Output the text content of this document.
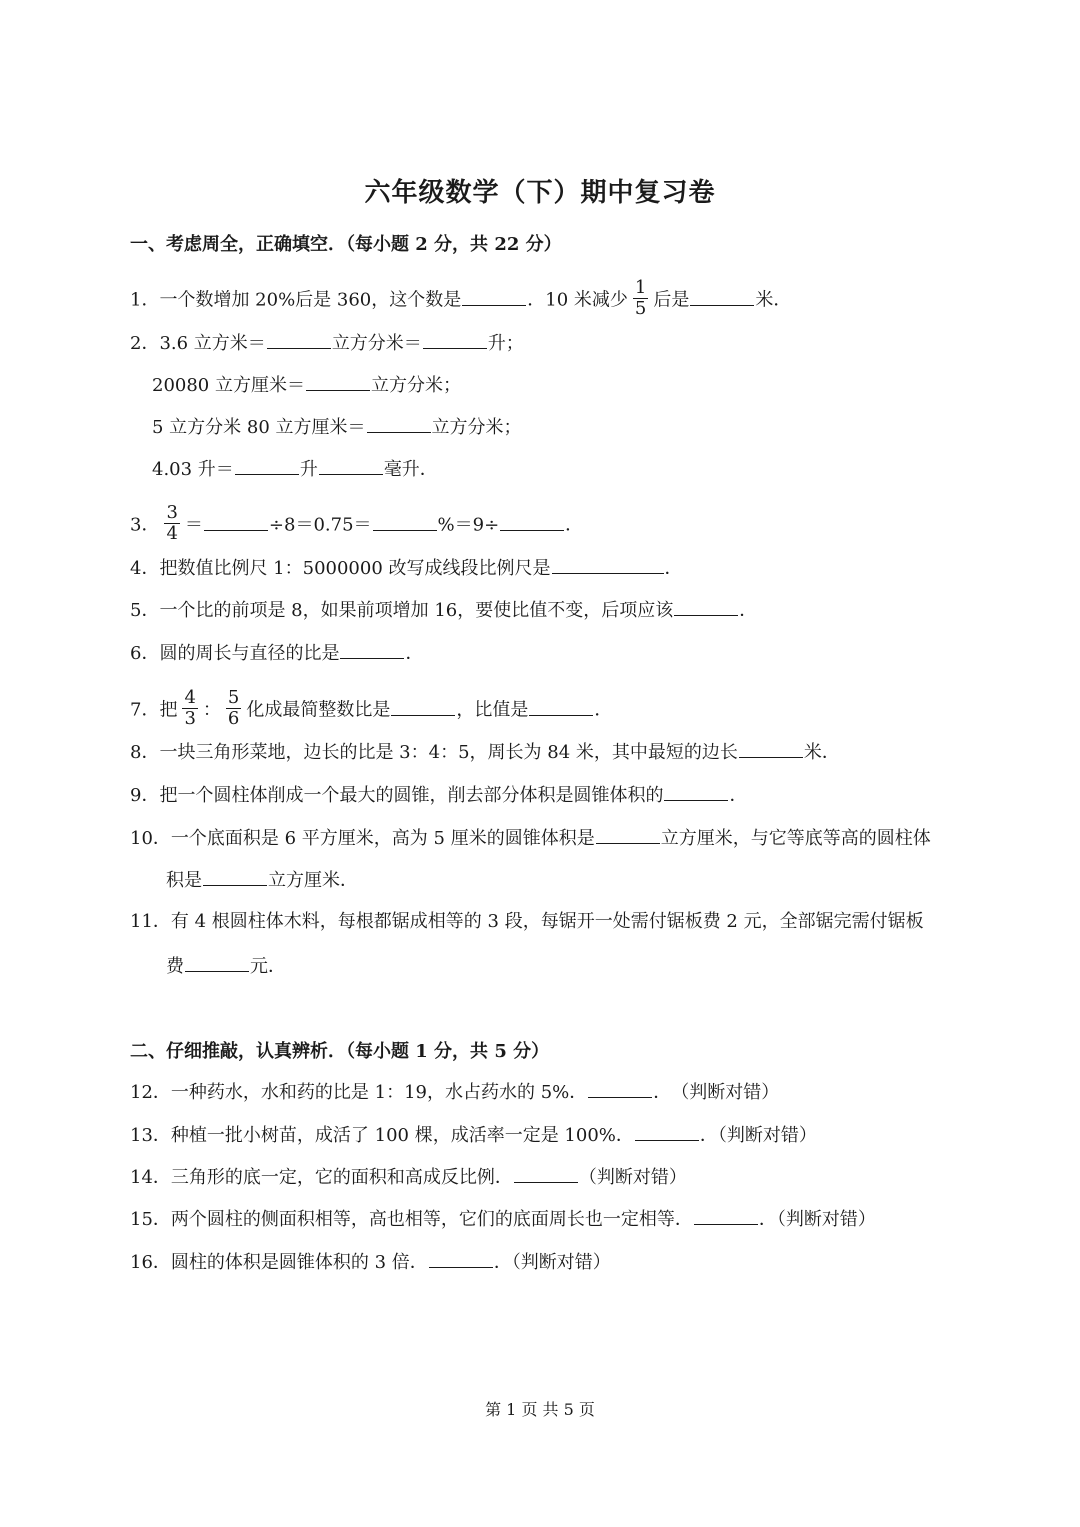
六年级数学（下）期中复习卷
一、考虑周全，正确填空．（每小题 2 分，共 22 分）
1．一个数增加 20%后是 360，这个数是	．10 米减少 $\frac{1}{5}$ 后是	米．
2．3.6 立方米＝	立方分米＝	升；
20080 立方厘米＝	立方分米；
5 立方分米 80 立方厘米＝	立方分米；
4.03 升＝	升	毫升．
3． $\frac{3}{4}$ ＝	÷8＝0.75＝	%＝9÷	．
4．把数值比例尺 1：5000000 改写成线段比例尺是	．
5．一个比的前项是 8，如果前项增加 16，要使比值不变，后项应该	．
6．圆的周长与直径的比是	．
7．把 $\frac{4}{3}$ ： $\frac{5}{6}$ 化成最简整数比是	，比值是	．
8．一块三角形菜地，边长的比是 3：4：5，周长为 84 米，其中最短的边长	米．
9．把一个圆柱体削成一个最大的圆锥，削去部分体积是圆锥体积的	．
10．一个底面积是 6 平方厘米，高为 5 厘米的圆锥体积是	立方厘米，与它等底等高的圆柱体
积是	立方厘米．
11．有 4 根圆柱体木料，每根都锯成相等的 3 段，每锯开一处需付锯板费 2 元，全部锯完需付锯板
费	元．
二、仔细推敲，认真辨析．（每小题 1 分，共 5 分）
12．一种药水，水和药的比是 1：19，水占药水的 5%．	．　（判断对错）
13．种植一批小树苗，成活了 100 棵，成活率一定是 100%．	．（判断对错）
14．三角形的底一定，它的面积和高成反比例．	（判断对错）
15．两个圆柱的侧面积相等，高也相等，它们的底面周长也一定相等．	．（判断对错）
16．圆柱的体积是圆锥体积的 3 倍．	．（判断对错）
第 1 页 共 5 页
